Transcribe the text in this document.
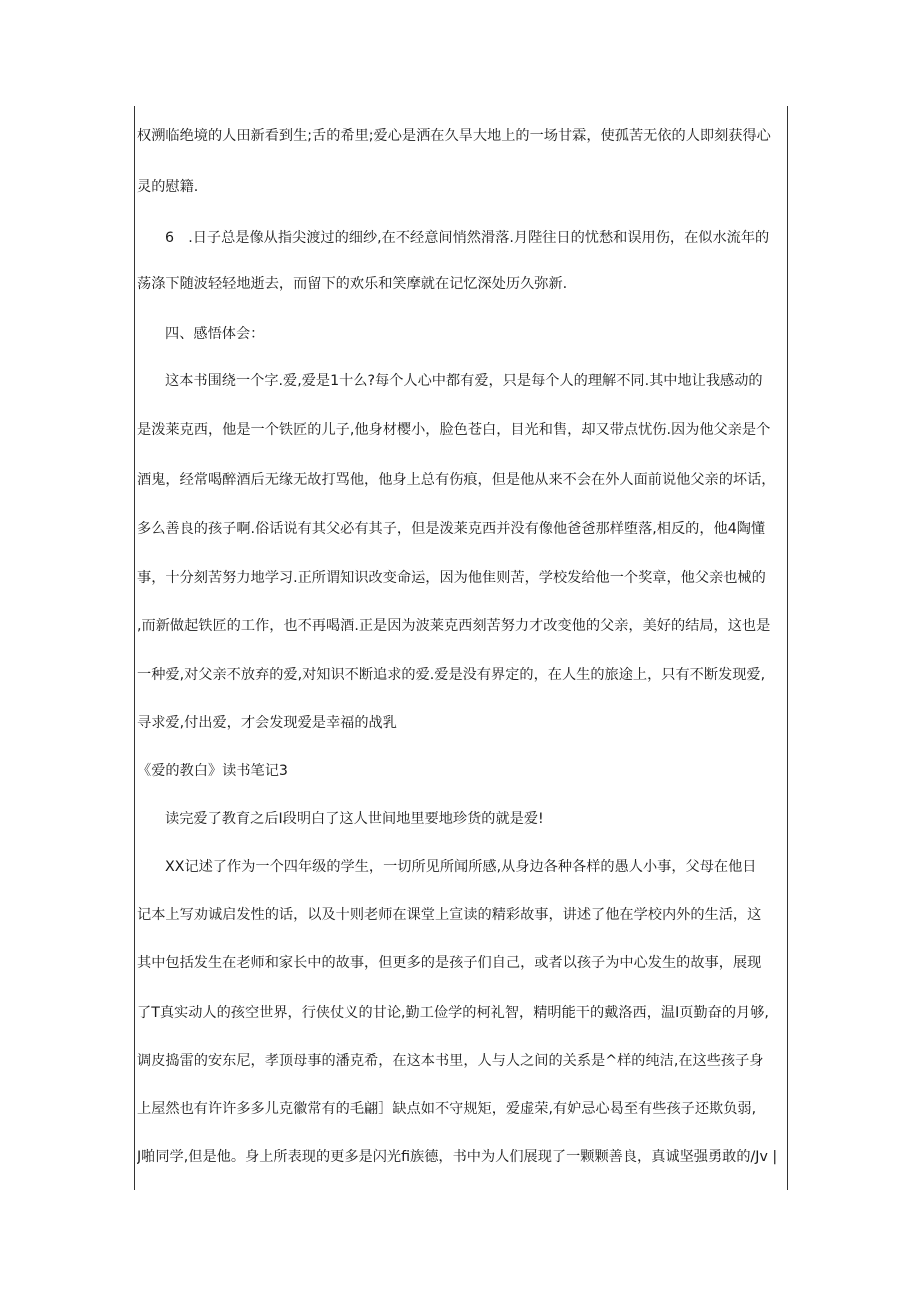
权溯临绝境的人田新看到生;舌的希里;爱心是洒在久旱大地上的一场甘霖，使孤苦无依的人即刻获得心
灵的慰籍.
6　.日子总是像从指尖渡过的细纱,在不经意间悄然滑落.月陛往日的忧愁和误用伤，在似水流年的
荡涤下随波轻轻地逝去，而留下的欢乐和笑摩就在记忆深处历久弥新.
四、感悟体会：
这本书围绕一个字.爱,爱是1十么?每个人心中都有爱，只是每个人的理解不同.其中地让我感动的
是泼莱克西，他是一个铁匠的儿子,他身材樱小，脸色苍白，目光和售，却又带点忧伤.因为他父亲是个
酒鬼，经常喝醉酒后无缘无故打骂他，他身上总有伤痕，但是他从来不会在外人面前说他父亲的坏话，
多么善良的孩子啊.俗话说有其父必有其子，但是泼莱克西并没有像他爸爸那样堕落,相反的，他4陶懂
事，十分刻苦努力地学习.正所谓知识改变命运，因为他隹则苦，学校发给他一个奖章，他父亲也械的
,而新做起铁匠的工作，也不再喝酒.正是因为波莱克西刻苦努力才改变他的父亲，美好的结局，这也是
一种爱,对父亲不放弃的爱,对知识不断追求的爱.爱是没有界定的，在人生的旅途上，只有不断发现爱,
寻求爱,付出爱，才会发现爱是幸福的战乳
《爱的教白》读书笔记3
读完爱了教育之后I段明白了这人世间地里要地珍货的就是爱!
XX记述了作为一个四年级的学生，一切所见所闻所感,从身边各种各样的愚人小事，父母在他日
记本上写劝诚启发性的话，以及十则老师在课堂上宣读的精彩故事，讲述了他在学校内外的生活，这
其中包括发生在老师和家长中的故事，但更多的是孩子们自己，或者以孩子为中心发生的故事，展现
了T真实动人的孩空世界，行侠仗义的甘论,勤工俭学的柯礼智，精明能干的戴洛西，温I页勤奋的月够,
调皮捣雷的安东尼，孝顶母事的潘克希，在这本书里，人与人之间的关系是^样的纯洁,在这些孩子身
上屋然也有许许多多儿克徽常有的毛翩］缺点如不守规矩，爱虚荣,有妒忌心曷至有些孩子还欺负弱,
J啪同学,但是他。身上所表现的更多是闪光fi族德，书中为人们展现了一颗颗善良，真诚坚强勇敢的/Jv |
